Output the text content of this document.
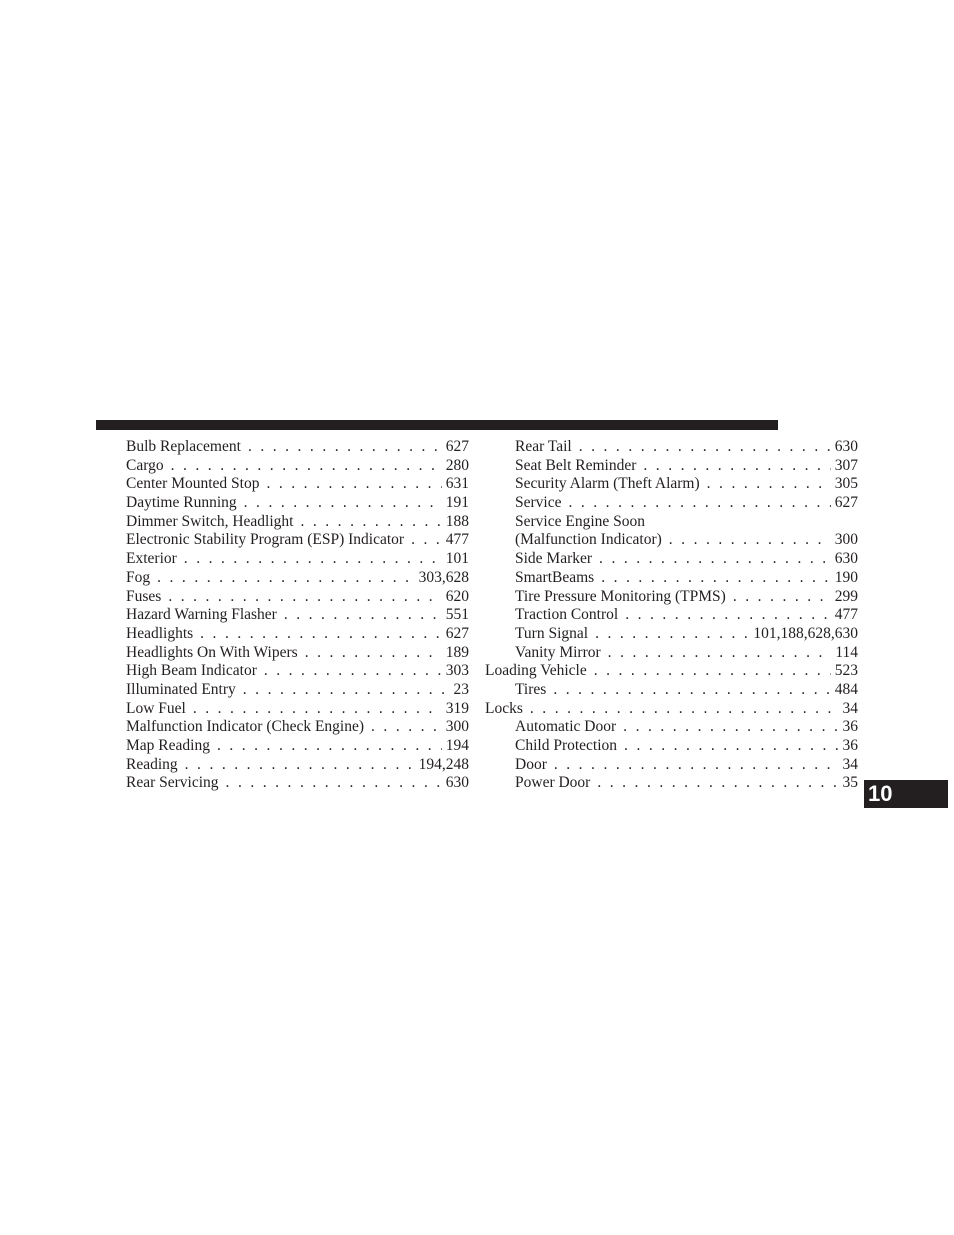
Bulb Replacement . . .	627
Cargo . . .	280
Center Mounted Stop . . .	631
Daytime Running . . .	191
Dimmer Switch, Headlight . . .	188
Electronic Stability Program (ESP) Indicator . . .	477
Exterior . . .	101
Fog . . .	303,628
Fuses . . .	620
Hazard Warning Flasher . . .	551
Headlights . . .	627
Headlights On With Wipers . . .	189
High Beam Indicator . . .	303
Illuminated Entry . . .	23
Low Fuel . . .	319
Malfunction Indicator (Check Engine) . . .	300
Map Reading . . .	194
Reading . . .	194,248
Rear Servicing . . .	630
Rear Tail . . .	630
Seat Belt Reminder . . .	307
Security Alarm (Theft Alarm) . . .	305
Service . . .	627
Service Engine Soon
(Malfunction Indicator) . . .	300
Side Marker . . .	630
SmartBeams . . .	190
Tire Pressure Monitoring (TPMS) . . .	299
Traction Control . . .	477
Turn Signal . . .	101,188,628,630
Vanity Mirror . . .	114
Loading Vehicle . . .	523
Tires . . .	484
Locks . . .	34
Automatic Door . . .	36
Child Protection . . .	36
Door . . .	34
Power Door . . .	35 10
